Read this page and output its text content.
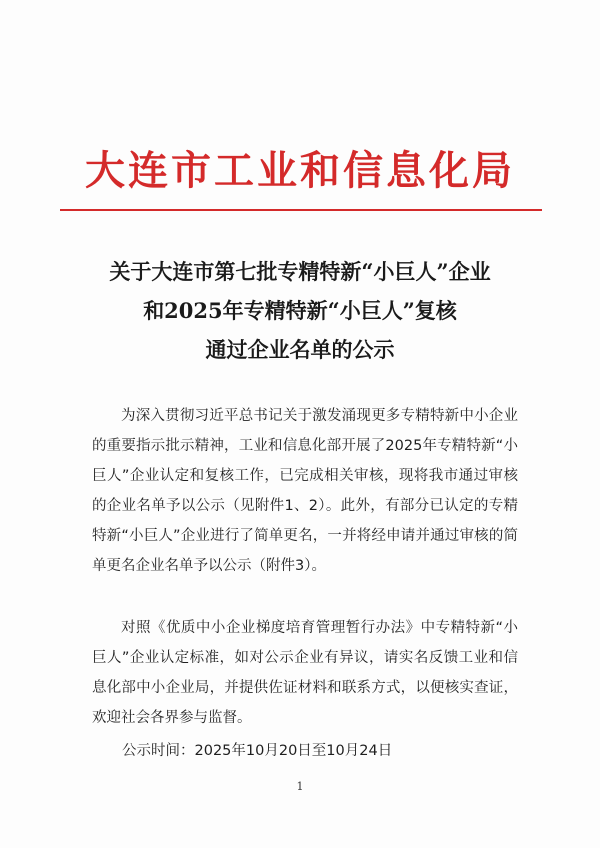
大连市工业和信息化局
关于大连市第七批专精特新“小巨人”企业
和2025年专精特新“小巨人”复核
通过企业名单的公示
为深入贯彻习近平总书记关于激发涌现更多专精特新中小企业的重要指示批示精神，工业和信息化部开展了2025年专精特新“小巨人”企业认定和复核工作，已完成相关审核，现将我市通过审核的企业名单予以公示（见附件1、2）。此外，有部分已认定的专精特新“小巨人”企业进行了简单更名，一并将经申请并通过审核的简单更名企业名单予以公示（附件3）。
对照《优质中小企业梯度培育管理暂行办法》中专精特新“小巨人”企业认定标准，如对公示企业有异议，请实名反馈工业和信息化部中小企业局，并提供佐证材料和联系方式，以便核实查证，欢迎社会各界参与监督。
公示时间：2025年10月20日至10月24日
1
